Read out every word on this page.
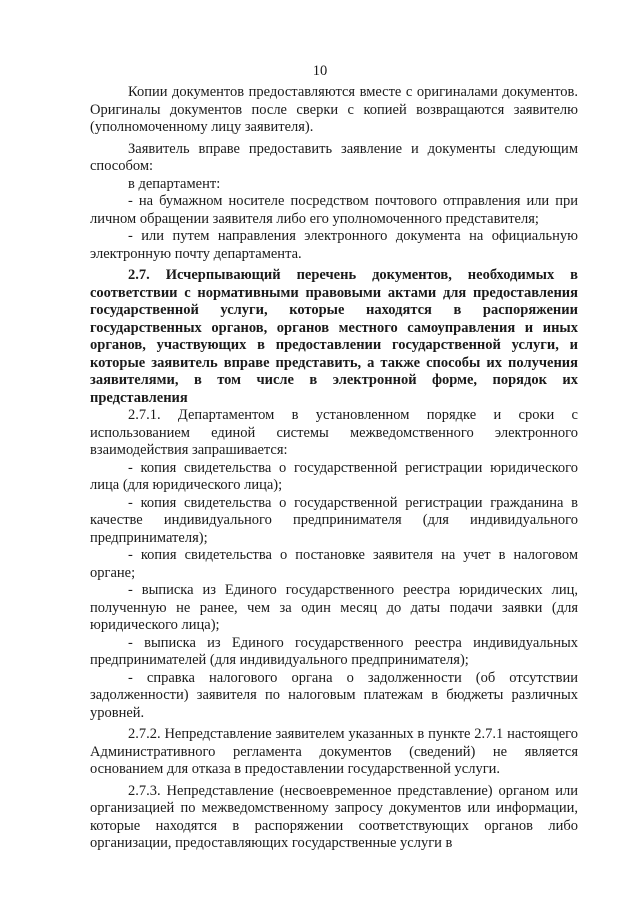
10

Копии документов предоставляются вместе с оригиналами документов. Оригиналы документов после сверки с копией возвращаются заявителю (уполномоченному лицу заявителя).

Заявитель вправе предоставить заявление и документы следующим способом:

в департамент:

- на бумажном носителе посредством почтового отправления или при личном обращении заявителя либо его уполномоченного представителя;

- или путем направления электронного документа на официальную электронную почту департамента.

2.7. Исчерпывающий перечень документов, необходимых в соответствии с нормативными правовыми актами для предоставления государственной услуги, которые находятся в распоряжении государственных органов, органов местного самоуправления и иных органов, участвующих в предоставлении государственной услуги, и которые заявитель вправе представить, а также способы их получения заявителями, в том числе в электронной форме, порядок их представления

2.7.1. Департаментом в установленном порядке и сроки с использованием единой системы межведомственного электронного взаимодействия запрашивается:

- копия свидетельства о государственной регистрации юридического лица (для юридического лица);

- копия свидетельства о государственной регистрации гражданина в качестве индивидуального предпринимателя (для индивидуального предпринимателя);

- копия свидетельства о постановке заявителя на учет в налоговом органе;

- выписка из Единого государственного реестра юридических лиц, полученную не ранее, чем за один месяц до даты подачи заявки (для юридического лица);

- выписка из Единого государственного реестра индивидуальных предпринимателей (для индивидуального предпринимателя);

- справка налогового органа о задолженности (об отсутствии задолженности) заявителя по налоговым платежам в бюджеты различных уровней.

2.7.2. Непредставление заявителем указанных в пункте 2.7.1 настоящего Административного регламента документов (сведений) не является основанием для отказа в предоставлении государственной услуги.

2.7.3. Непредставление (несвоевременное представление) органом или организацией по межведомственному запросу документов или информации, которые находятся в распоряжении соответствующих органов либо организации, предоставляющих государственные услуги в
